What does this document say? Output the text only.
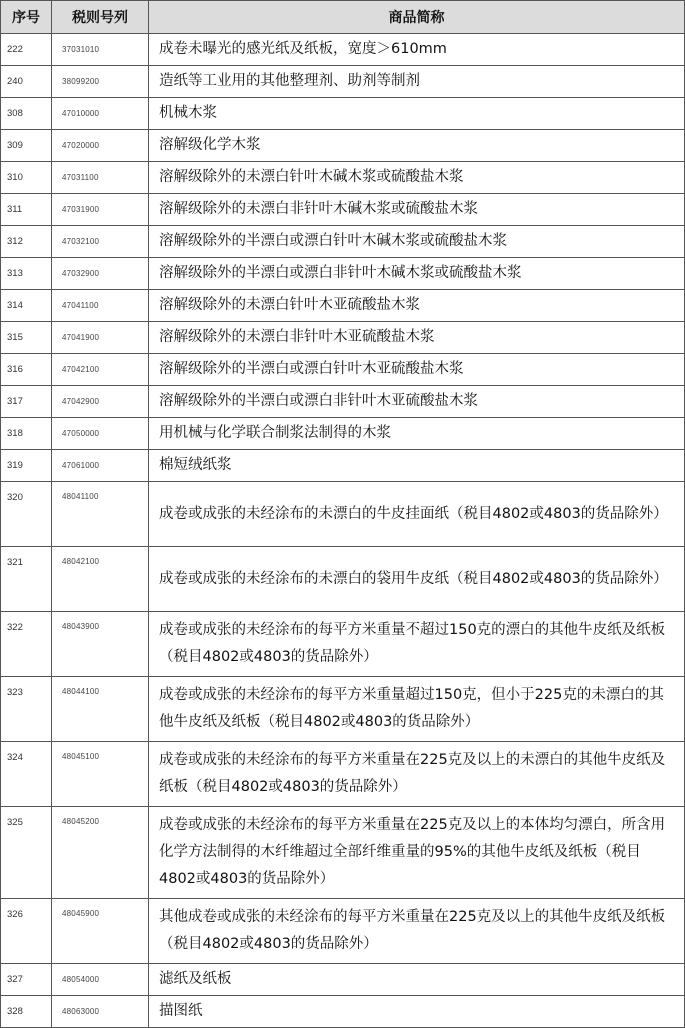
序号	税则号列	商品简称
222	37031010	成卷未曝光的感光纸及纸板，宽度＞610mm
240	38099200	造纸等工业用的其他整理剂、助剂等制剂
308	47010000	机械木浆
309	47020000	溶解级化学木浆
310	47031100	溶解级除外的未漂白针叶木碱木浆或硫酸盐木浆
311	47031900	溶解级除外的未漂白非针叶木碱木浆或硫酸盐木浆
312	47032100	溶解级除外的半漂白或漂白针叶木碱木浆或硫酸盐木浆
313	47032900	溶解级除外的半漂白或漂白非针叶木碱木浆或硫酸盐木浆
314	47041100	溶解级除外的未漂白针叶木亚硫酸盐木浆
315	47041900	溶解级除外的未漂白非针叶木亚硫酸盐木浆
316	47042100	溶解级除外的半漂白或漂白针叶木亚硫酸盐木浆
317	47042900	溶解级除外的半漂白或漂白非针叶木亚硫酸盐木浆
318	47050000	用机械与化学联合制浆法制得的木浆
319	47061000	棉短绒纸浆
320	48041100	成卷或成张的未经涂布的未漂白的牛皮挂面纸（税目4802或4803的货品除外）
321	48042100	成卷或成张的未经涂布的未漂白的袋用牛皮纸（税目4802或4803的货品除外）
322	48043900	成卷或成张的未经涂布的每平方米重量不超过150克的漂白的其他牛皮纸及纸板（税目4802或4803的货品除外）
323	48044100	成卷或成张的未经涂布的每平方米重量超过150克，但小于225克的未漂白的其他牛皮纸及纸板（税目4802或4803的货品除外）
324	48045100	成卷或成张的未经涂布的每平方米重量在225克及以上的未漂白的其他牛皮纸及纸板（税目4802或4803的货品除外）
325	48045200	成卷或成张的未经涂布的每平方米重量在225克及以上的本体均匀漂白，所含用化学方法制得的木纤维超过全部纤维重量的95%的其他牛皮纸及纸板（税目4802或4803的货品除外）
326	48045900	其他成卷或成张的未经涂布的每平方米重量在225克及以上的其他牛皮纸及纸板（税目4802或4803的货品除外）
327	48054000	滤纸及纸板
328	48063000	描图纸
